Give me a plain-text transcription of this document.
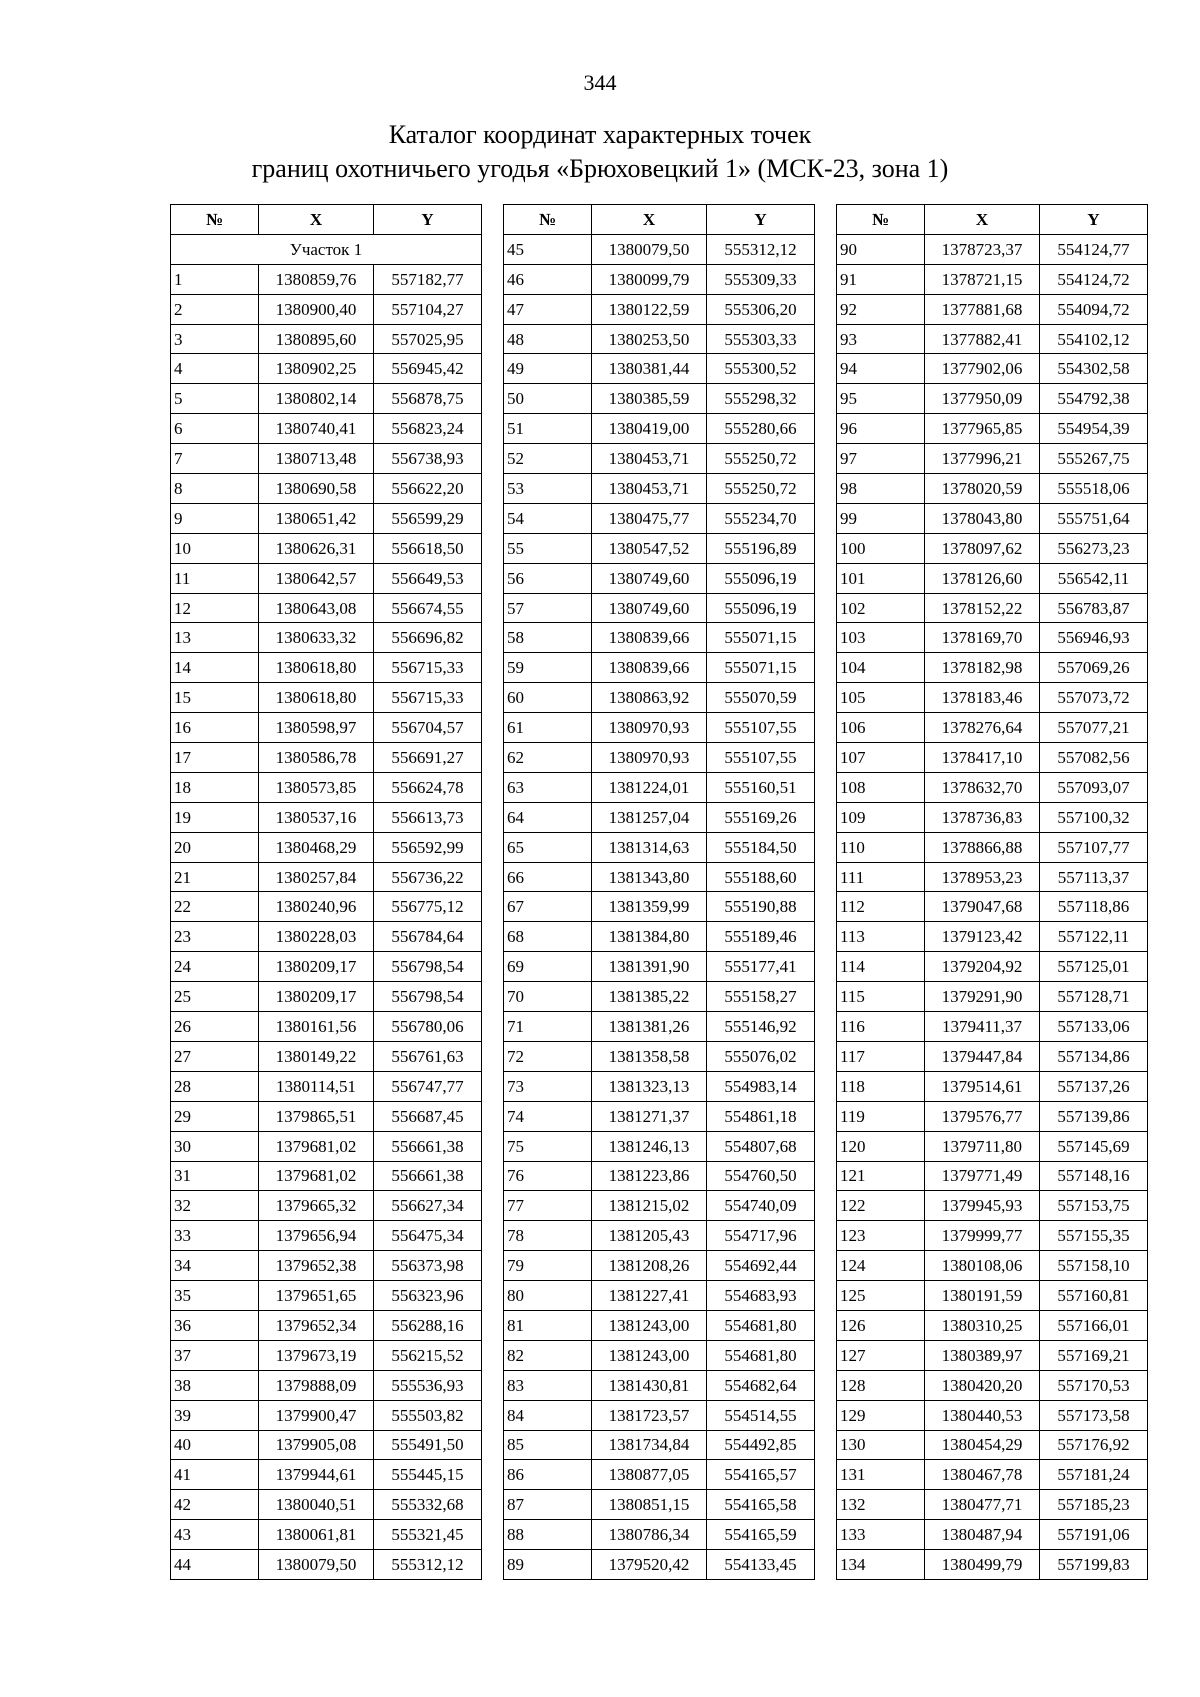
344
Каталог координат характерных точек
границ охотничьего угодья «Брюховецкий 1» (МСК-23, зона 1)
№	X	Y
Участок 1		
1	1380859,76	557182,77
2	1380900,40	557104,27
3	1380895,60	557025,95
4	1380902,25	556945,42
5	1380802,14	556878,75
6	1380740,41	556823,24
7	1380713,48	556738,93
8	1380690,58	556622,20
9	1380651,42	556599,29
10	1380626,31	556618,50
11	1380642,57	556649,53
12	1380643,08	556674,55
13	1380633,32	556696,82
14	1380618,80	556715,33
15	1380618,80	556715,33
16	1380598,97	556704,57
17	1380586,78	556691,27
18	1380573,85	556624,78
19	1380537,16	556613,73
20	1380468,29	556592,99
21	1380257,84	556736,22
22	1380240,96	556775,12
23	1380228,03	556784,64
24	1380209,17	556798,54
25	1380209,17	556798,54
26	1380161,56	556780,06
27	1380149,22	556761,63
28	1380114,51	556747,77
29	1379865,51	556687,45
30	1379681,02	556661,38
31	1379681,02	556661,38
32	1379665,32	556627,34
33	1379656,94	556475,34
34	1379652,38	556373,98
35	1379651,65	556323,96
36	1379652,34	556288,16
37	1379673,19	556215,52
38	1379888,09	555536,93
39	1379900,47	555503,82
40	1379905,08	555491,50
41	1379944,61	555445,15
42	1380040,51	555332,68
43	1380061,81	555321,45
44	1380079,50	555312,12
№	X	Y
45	1380079,50	555312,12
46	1380099,79	555309,33
47	1380122,59	555306,20
48	1380253,50	555303,33
49	1380381,44	555300,52
50	1380385,59	555298,32
51	1380419,00	555280,66
52	1380453,71	555250,72
53	1380453,71	555250,72
54	1380475,77	555234,70
55	1380547,52	555196,89
56	1380749,60	555096,19
57	1380749,60	555096,19
58	1380839,66	555071,15
59	1380839,66	555071,15
60	1380863,92	555070,59
61	1380970,93	555107,55
62	1380970,93	555107,55
63	1381224,01	555160,51
64	1381257,04	555169,26
65	1381314,63	555184,50
66	1381343,80	555188,60
67	1381359,99	555190,88
68	1381384,80	555189,46
69	1381391,90	555177,41
70	1381385,22	555158,27
71	1381381,26	555146,92
72	1381358,58	555076,02
73	1381323,13	554983,14
74	1381271,37	554861,18
75	1381246,13	554807,68
76	1381223,86	554760,50
77	1381215,02	554740,09
78	1381205,43	554717,96
79	1381208,26	554692,44
80	1381227,41	554683,93
81	1381243,00	554681,80
82	1381243,00	554681,80
83	1381430,81	554682,64
84	1381723,57	554514,55
85	1381734,84	554492,85
86	1380877,05	554165,57
87	1380851,15	554165,58
88	1380786,34	554165,59
89	1379520,42	554133,45
№	X	Y
90	1378723,37	554124,77
91	1378721,15	554124,72
92	1377881,68	554094,72
93	1377882,41	554102,12
94	1377902,06	554302,58
95	1377950,09	554792,38
96	1377965,85	554954,39
97	1377996,21	555267,75
98	1378020,59	555518,06
99	1378043,80	555751,64
100	1378097,62	556273,23
101	1378126,60	556542,11
102	1378152,22	556783,87
103	1378169,70	556946,93
104	1378182,98	557069,26
105	1378183,46	557073,72
106	1378276,64	557077,21
107	1378417,10	557082,56
108	1378632,70	557093,07
109	1378736,83	557100,32
110	1378866,88	557107,77
111	1378953,23	557113,37
112	1379047,68	557118,86
113	1379123,42	557122,11
114	1379204,92	557125,01
115	1379291,90	557128,71
116	1379411,37	557133,06
117	1379447,84	557134,86
118	1379514,61	557137,26
119	1379576,77	557139,86
120	1379711,80	557145,69
121	1379771,49	557148,16
122	1379945,93	557153,75
123	1379999,77	557155,35
124	1380108,06	557158,10
125	1380191,59	557160,81
126	1380310,25	557166,01
127	1380389,97	557169,21
128	1380420,20	557170,53
129	1380440,53	557173,58
130	1380454,29	557176,92
131	1380467,78	557181,24
132	1380477,71	557185,23
133	1380487,94	557191,06
134	1380499,79	557199,83
